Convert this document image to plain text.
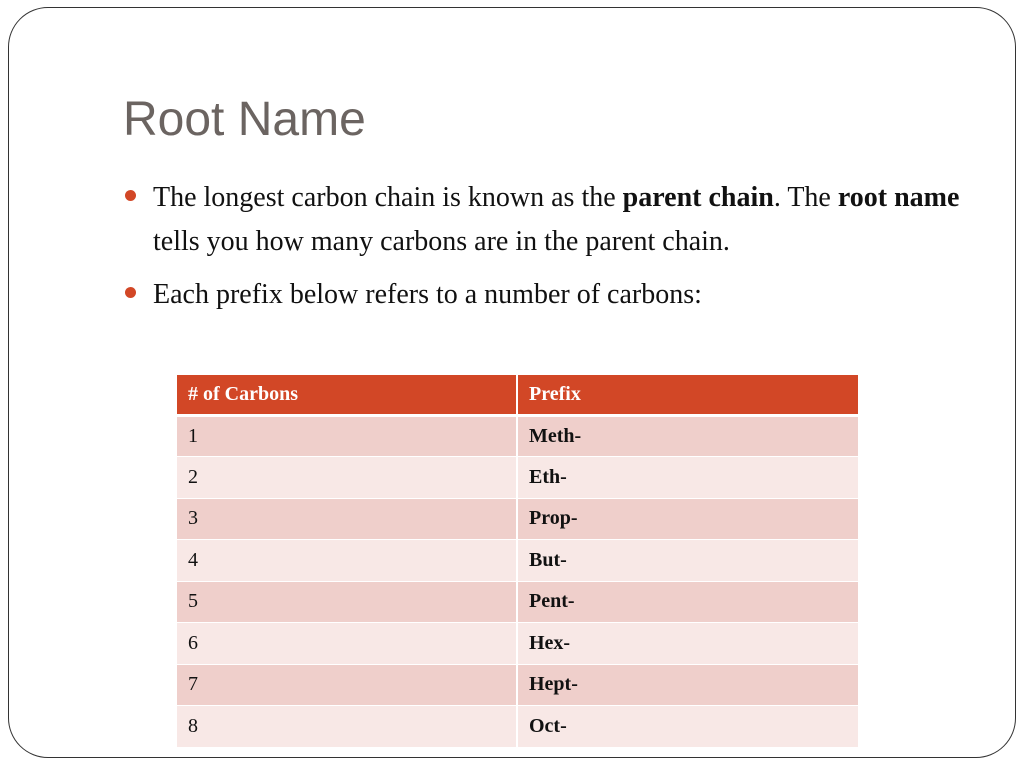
Root Name
The longest carbon chain is known as the parent chain. The root name tells you how many carbons are in the parent chain.
Each prefix below refers to a number of carbons:
# of Carbons	Prefix
1	Meth-
2	Eth-
3	Prop-
4	But-
5	Pent-
6	Hex-
7	Hept-
8	Oct-
